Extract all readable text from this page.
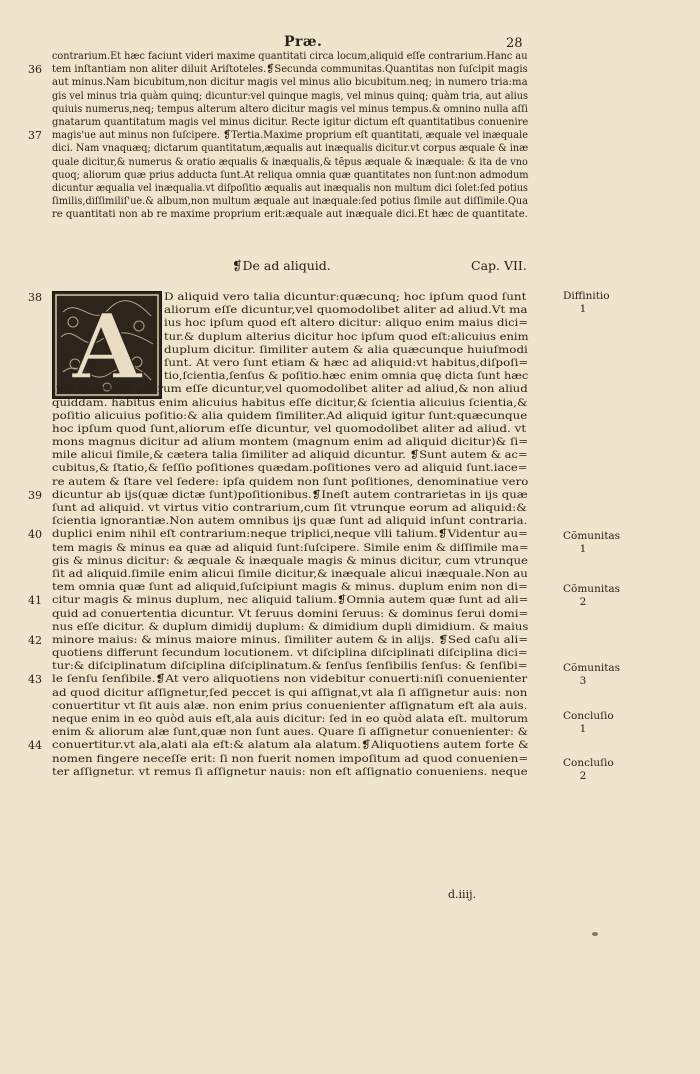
Præ.	28
contrarium.Et hæc faciunt videri maxime quantitati circa locum,aliquid eſſe contrarium.Hanc au
36 tem inſtantiam non aliter diluit Ariſtoteles.❡Secunda communitas.Quantitas non ſuſcipit magis
aut minus.Nam bicubitum,non dicitur magis vel minus alio bicubitum.neq; in numero tria:ma
gis vel minus tria quàm quinq; dicuntur:vel quinque magis, vel minus quinq; quàm tria, aut alius
quiuis numerus,neq; tempus alterum altero dicitur magis vel minus tempus.& omnino nulla aſſi
gnatarum quantitatum magis vel minus dicitur. Recte igitur dictum eſt quantitatibus conuenire
37 magis'ue aut minus non ſuſcipere. ❡Tertia.Maxime proprium eſt quantitati, æquale vel inæquale
dici. Nam vnaquæq; dictarum quantitatum,æqualis aut inæqualis dicitur.vt corpus æquale & inæ
quale dicitur,& numerus & oratio æqualis & inæqualis,& tẽpus æquale & inæquale: & ita de vno
quoq; aliorum quæ prius adducta ſunt.At reliqua omnia quæ quantitates non ſunt:non admodum
dicuntur æqualia vel inæqualia.vt diſpoſitio æqualis aut inæqualis non multum dici ſolet:ſed potius
ſimilis,diſſimiliſ'ue.& album,non multum æquale aut inæquale:ſed potius ſimile aut diſſimile.Qua
re quantitati non ab re maxime proprium erit:æquale aut inæquale dici.Et hæc de quantitate.
❡De ad aliquid.	Cap. VII.
A
38	D aliquid vero talia dicuntur:quæcunq; hoc ipſum quod ſunt
aliorum eſſe dicuntur,vel quomodolibet aliter ad aliud.Vt ma
ius hoc ipſum quod eſt altero dicitur: aliquo enim maius dici=
tur.& duplum alterius dicitur hoc ipſum quod eſt:alicuius enim
duplum dicitur. ſimiliter autem & alia quæcunque huiuſmodi
ſunt. At vero ſunt etiam & hæc ad aliquid:vt habitus,diſpoſi=
tio,ſcientia,ſenſus & poſitio.hæc enim omnia quę dicta ſunt hæc
ipſa quæ ſunt aliorum eſſe dicuntur,vel quomodolibet aliter ad aliud,& non aliud
quiddam. habitus enim alicuius habitus eſſe dicitur,& ſcientia alicuius ſcientia,&
poſitio alicuius poſitio:& alia quidem ſimiliter.Ad aliquid igitur ſunt:quæcunque
hoc ipſum quod ſunt,aliorum eſſe dicuntur, vel quomodolibet aliter ad aliud. vt
mons magnus dicitur ad alium montem (magnum enim ad aliquid dicitur)& ſi=
mile alicui ſimile,& cætera talia ſimiliter ad aliquid dicuntur. ❡Sunt autem & ac=
cubitus,& ſtatio,& ſeſſio poſitiones quædam.poſitiones vero ad aliquid ſunt.iace=
re autem & ſtare vel ſedere: ipſa quidem non ſunt poſitiones, denominatiue vero
39 dicuntur ab ijs(quæ dictæ ſunt)poſitionibus.❡Ineſt autem contrarietas in ijs quæ
ſunt ad aliquid. vt virtus vitio contrarium,cum ſit vtrunque eorum ad aliquid:&
ſcientia ignorantiæ.Non autem omnibus ijs quæ ſunt ad aliquid inſunt contraria.
40 duplici enim nihil eſt contrarium:neque triplici,neque vlli talium.❡Videntur au=
tem magis & minus ea quæ ad aliquid ſunt:ſuſcipere. Simile enim & diſſimile ma=
gis & minus dicitur: & æquale & inæquale magis & minus dicitur, cum vtrunque
ſit ad aliquid.ſimile enim alicui ſimile dicitur,& inæquale alicui inæquale.Non au
tem omnia quæ ſunt ad aliquid,ſuſcipiunt magis & minus. duplum enim non di=
41 citur magis & minus duplum, nec aliquid talium.❡Omnia autem quæ ſunt ad ali=
quid ad conuertentia dicuntur. Vt ſeruus domini ſeruus: & dominus ſerui domi=
nus eſſe dicitur. & duplum dimidij duplum: & dimidium dupli dimidium. & maius
42 minore maius: & minus maiore minus. ſimiliter autem & in alijs. ❡Sed caſu ali=
quotiens differunt ſecundum locutionem. vt diſciplina diſciplinati diſciplina dici=
tur:& diſciplinatum diſciplina diſciplinatum.& ſenſus ſenſibilis ſenſus: & ſenſibi=
43 le ſenſu ſenſibile.❡At vero aliquotiens non videbitur conuerti:niſi conuenienter
ad quod dicitur aſſignetur,ſed peccet is qui aſſignat,vt ala ſi aſſignetur auis: non
conuertitur vt ſit auis alæ. non enim prius conuenienter aſſignatum eſt ala auis.
neque enim in eo quòd auis eſt,ala auis dicitur: ſed in eo quòd alata eſt. multorum
enim & aliorum alæ ſunt,quæ non ſunt aues. Quare ſi aſſignetur conuenienter: &
44 conuertitur.vt ala,alati ala eſt:& alatum ala alatum.❡Aliquotiens autem forte &
nomen fingere neceſſe erit: ſi non fuerit nomen impoſitum ad quod conuenien=
ter aſſignetur. vt remus ſi aſſignetur nauis: non eſt aſſignatio conueniens. neque
Diffinitio
1
Cõmunitas
1
Cõmunitas
2
Cõmunitas
3
Concluſio
1
Concluſio
2
d.iiij.
